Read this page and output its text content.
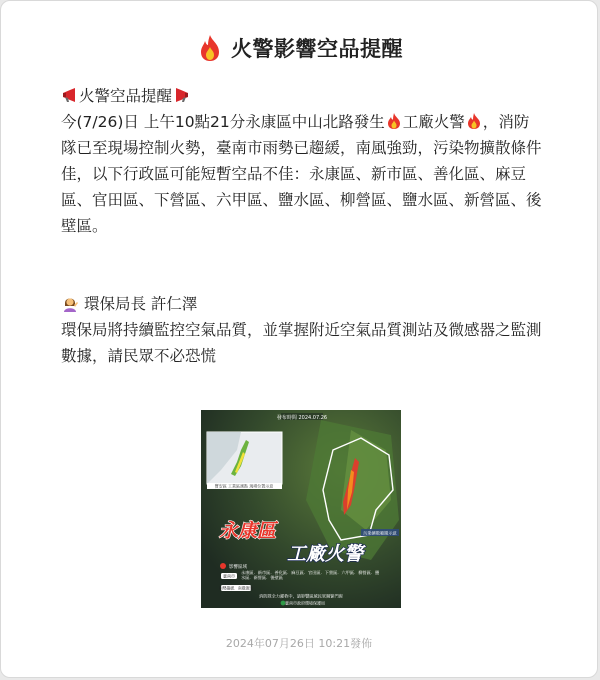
火警影響空品提醒
火警空品提醒
今(7/26)日 上午10點21分永康區中山北路發生 工廠火警 ，消防隊已至現場控制火勢，臺南市雨勢已趨緩，南風強勁，污染物擴散條件佳，以下行政區可能短暫空品不佳：永康區、新市區、善化區、麻豆區、官田區、下營區、六甲區、鹽水區、柳營區、鹽水區、新營區、後壁區。
環保局長 許仁澤
環保局將持續監控空氣品質，並掌握附近空氣品質測站及微感器之監測數據，請民眾不必恐慌
發布時間 2024.07.26
寶安區 工業區測點 現場位置示意
污染擴散範圍示意
永康區
工廠火警
影響區域
臺南市
永康區．新市區．善化區．麻豆區．官田區．下營區．六甲區．柳營區．鹽水區．新營區．後壁區
雨勢趨緩．南風強勁
消防隊全力灌救中，請影響區域民眾關緊門窗
臺南市政府環境保護局
2024年07月26日 10:21發佈
